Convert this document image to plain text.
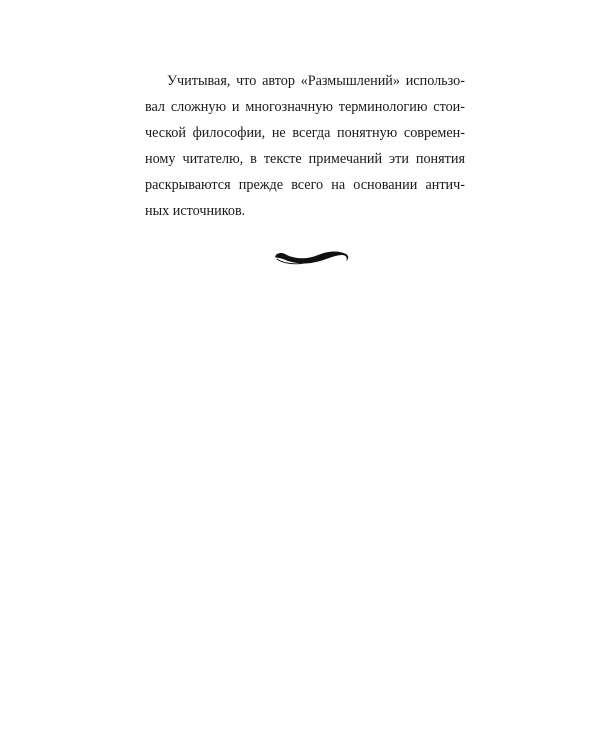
Учитывая, что автор «Размышлений» использо-
вал сложную и многозначную терминологию стои-
ческой философии, не всегда понятную современ-
ному читателю, в тексте примечаний эти понятия
раскрываются прежде всего на основании антич-
ных источников.
